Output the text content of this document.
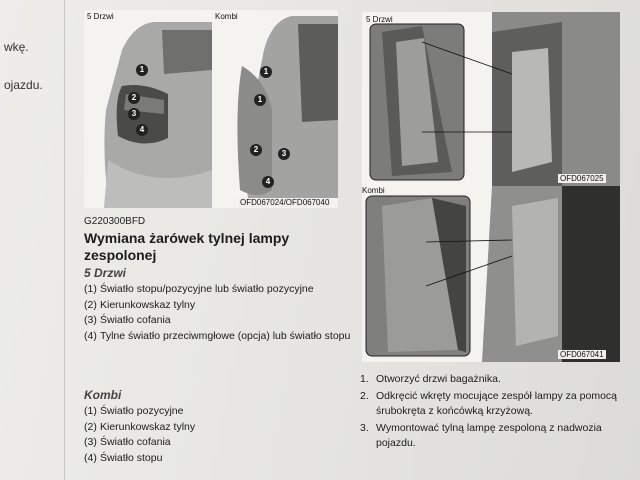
wkę.
ojazdu.
5 Drzwi
1
2
3
4
Kombi
1
1
2	3
4
OFD067024/OFD067040
5 Drzwi
OFD067025
Kombi
OFD067041
G220300BFD
Wymiana żarówek tylnej lampy zespolonej
5 Drzwi
(1) Światło stopu/pozycyjne lub światło pozycyjne
(2) Kierunkowskaz tylny
(3) Światło cofania
(4) Tylne światło przeciwmgłowe (opcja) lub światło stopu
Kombi
(1) Światło pozycyjne
(2) Kierunkowskaz tylny
(3) Światło cofania
(4) Światło stopu
1. Otworzyć drzwi bagażnika.
2. Odkręcić wkręty mocujące zespół lampy za pomocą śrubokręta z końcówką krzyżową.
3. Wymontować tylną lampę zespoloną z nadwozia pojazdu.
